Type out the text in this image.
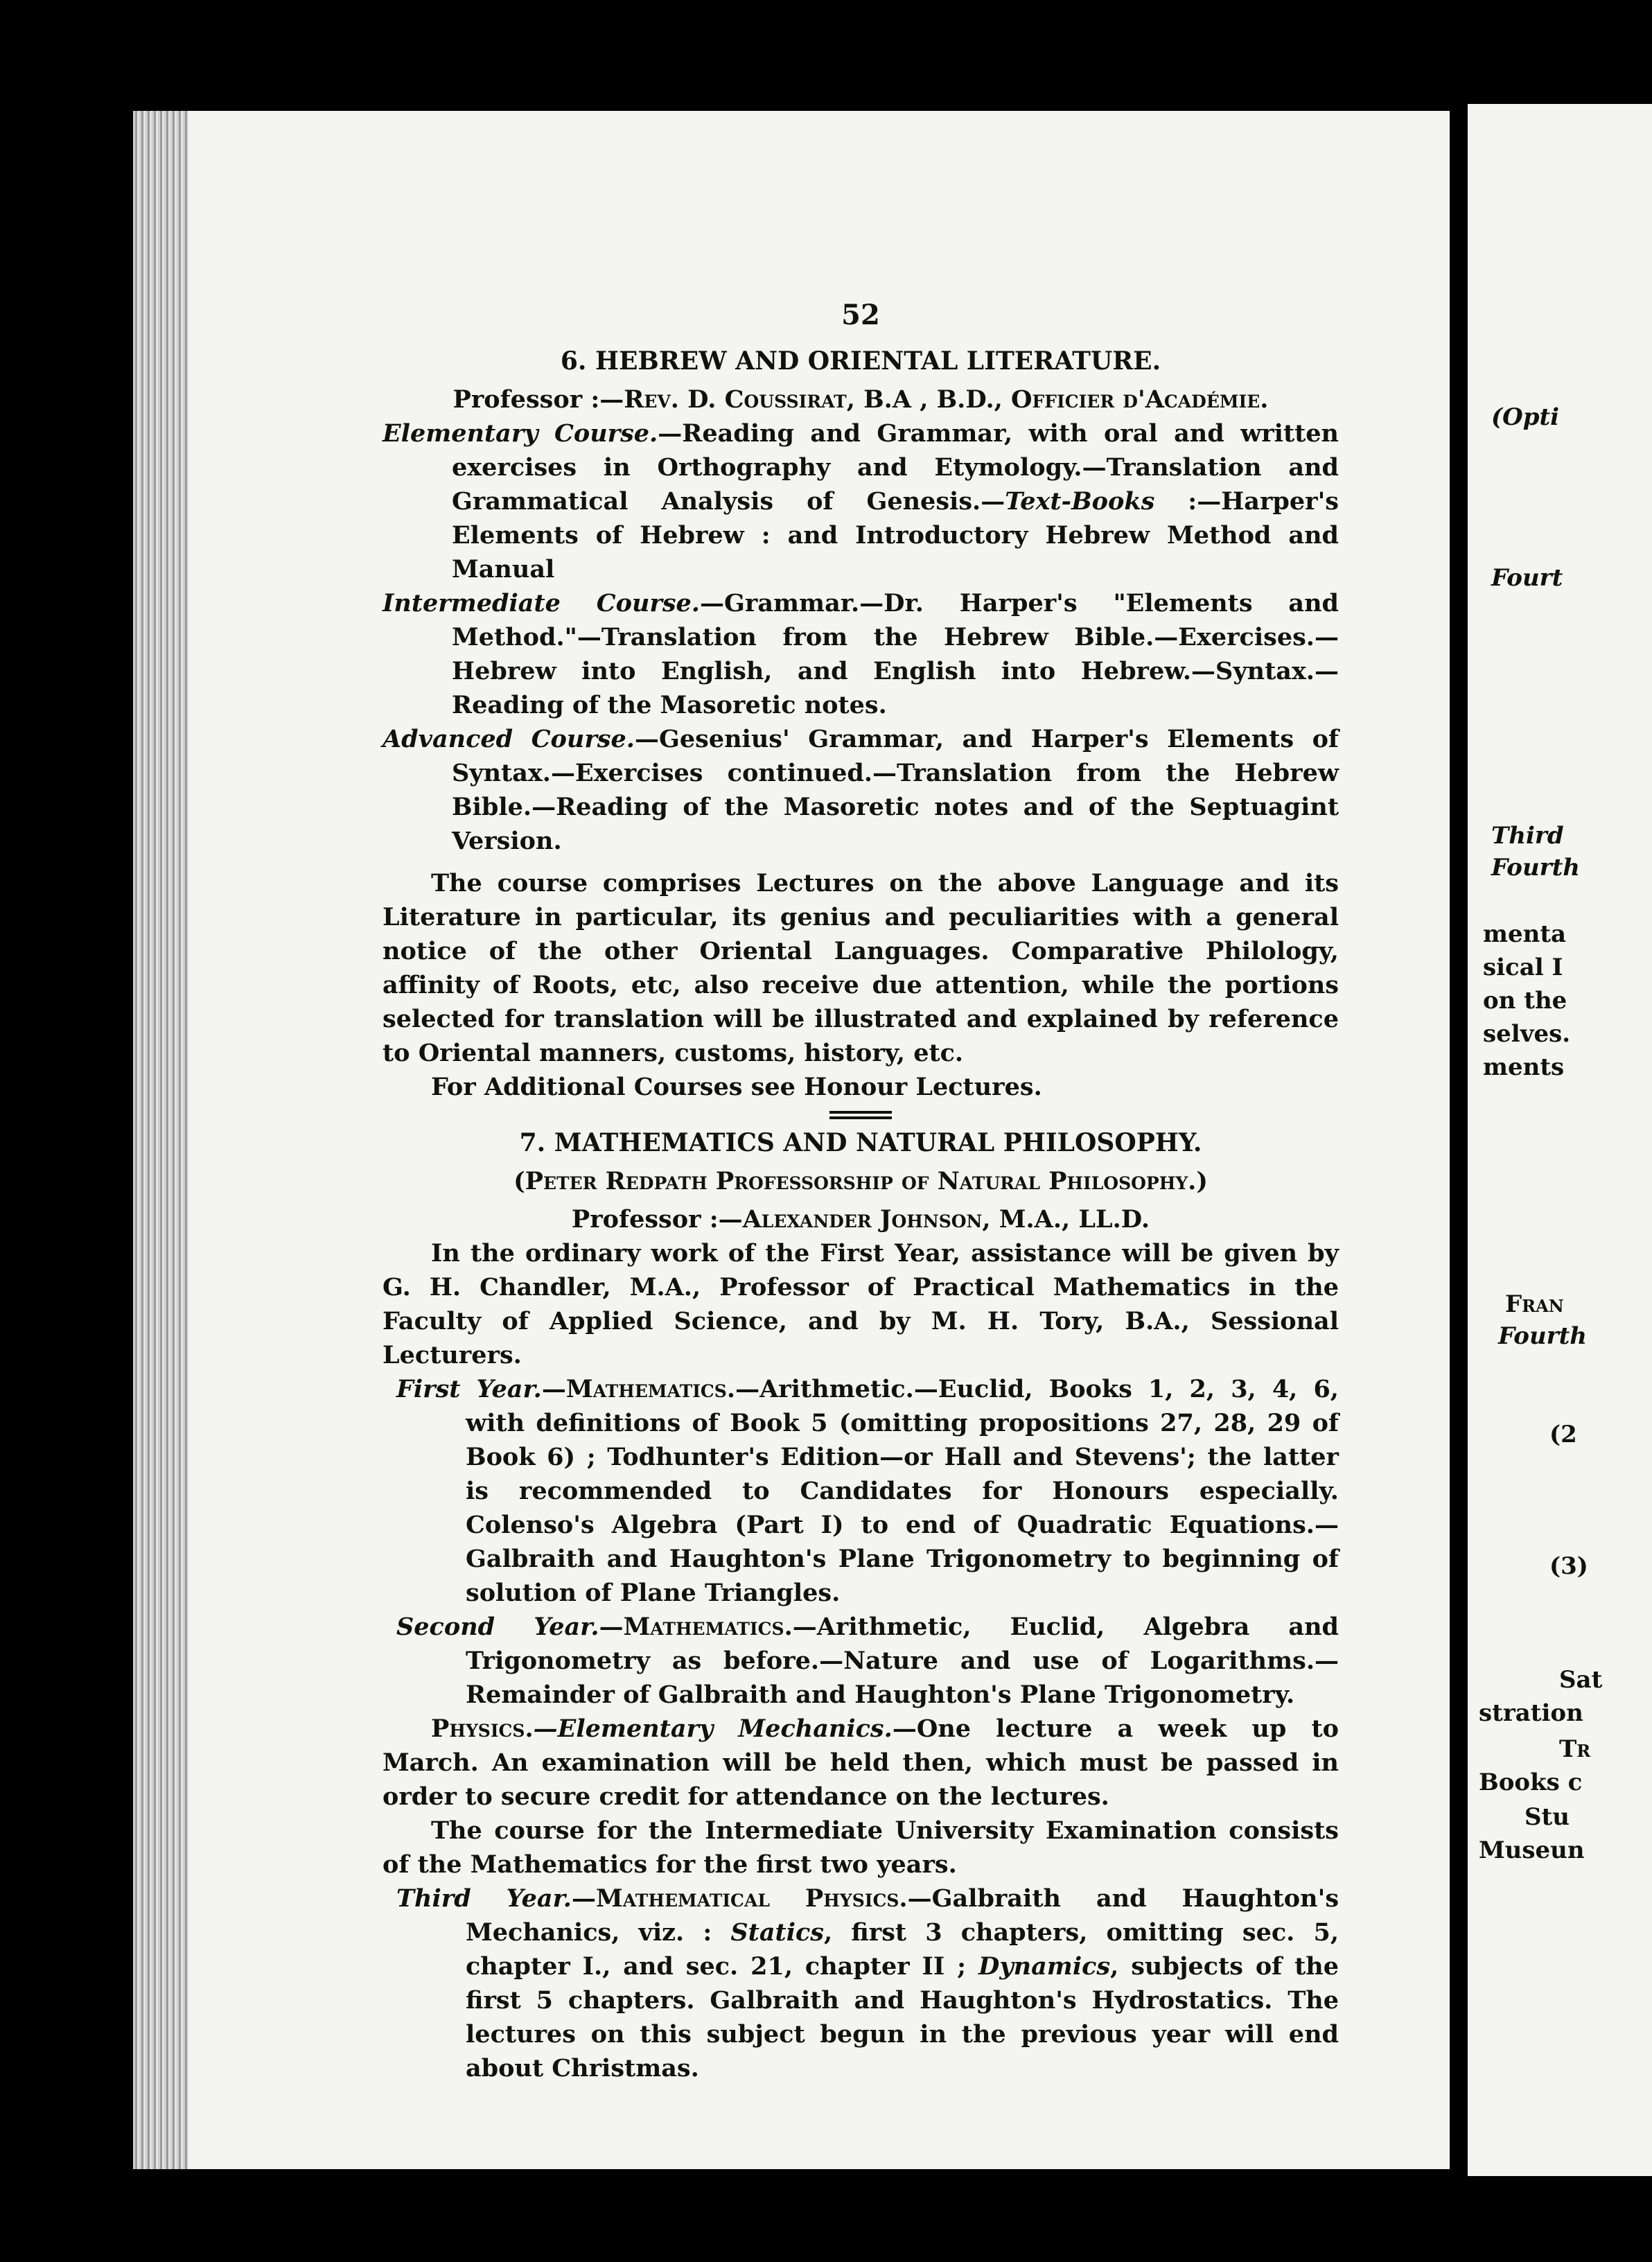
52
6. HEBREW AND ORIENTAL LITERATURE.

Professor :—Rev. D. Coussirat, B.A , B.D., Officier d'Académie.

Elementary Course.—Reading and Grammar, with oral and written exercises in Orthography and Etymology.—Translation and Grammatical Analysis of Genesis.—Text-Books :—Harper's Elements of Hebrew : and Introductory Hebrew Method and Manual

Intermediate Course.—Grammar.—Dr. Harper's "Elements and Method."—Translation from the Hebrew Bible.—Exercises.—Hebrew into English, and English into Hebrew.—Syntax.—Reading of the Masoretic notes.

Advanced Course.—Gesenius' Grammar, and Harper's Elements of Syntax.—Exercises continued.—Translation from the Hebrew Bible.—Reading of the Masoretic notes and of the Septuagint Version.

The course comprises Lectures on the above Language and its Literature in particular, its genius and peculiarities with a general notice of the other Oriental Languages. Comparative Philology, affinity of Roots, etc, also receive due attention, while the portions selected for translation will be illustrated and explained by reference to Oriental manners, customs, history, etc.

For Additional Courses see Honour Lectures.

7. MATHEMATICS AND NATURAL PHILOSOPHY.

(Peter Redpath Professorship of Natural Philosophy.)

Professor :—Alexander Johnson, M.A., LL.D.

In the ordinary work of the First Year, assistance will be given by G. H. Chandler, M.A., Professor of Practical Mathematics in the Faculty of Applied Science, and by M. H. Tory, B.A., Sessional Lecturers.

First Year.—Mathematics.—Arithmetic.—Euclid, Books 1, 2, 3, 4, 6, with definitions of Book 5 (omitting propositions 27, 28, 29 of Book 6) ; Todhunter's Edition—or Hall and Stevens'; the latter is recommended to Candidates for Honours especially. Colenso's Algebra (Part I) to end of Quadratic Equations.—Galbraith and Haughton's Plane Trigonometry to beginning of solution of Plane Triangles.

Second Year.—Mathematics.—Arithmetic, Euclid, Algebra and Trigonometry as before.—Nature and use of Logarithms.—Remainder of Galbraith and Haughton's Plane Trigonometry.

Physics.—Elementary Mechanics.—One lecture a week up to March. An examination will be held then, which must be passed in order to secure credit for attendance on the lectures.

The course for the Intermediate University Examination consists of the Mathematics for the first two years.

Third Year.—Mathematical Physics.—Galbraith and Haughton's Mechanics, viz. : Statics, first 3 chapters, omitting sec. 5, chapter I., and sec. 21, chapter II ; Dynamics, subjects of the first 5 chapters. Galbraith and Haughton's Hydrostatics. The lectures on this subject begun in the previous year will end about Christmas.

(Opti
Fourt
Third
Fourth
menta
sical I
on the
selves.
ments
Fran
Fourth
(2
(3)
Sat
stration
Tr
Books c
Stu
Museun
